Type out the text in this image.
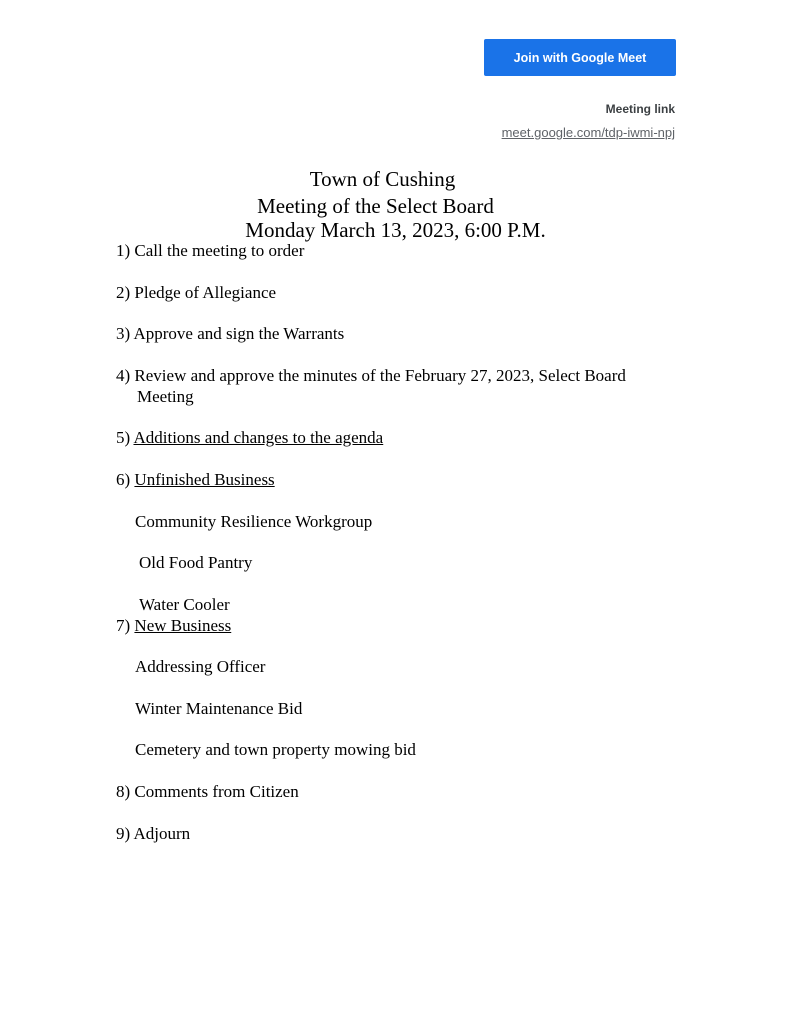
Join with Google Meet
Meeting link
meet.google.com/tdp-iwmi-npj
Town of Cushing
Meeting of the Select Board
Monday March 13, 2023, 6:00 P.M.
1) Call the meeting to order
2) Pledge of Allegiance
3) Approve and sign the Warrants
4) Review and approve the minutes of the February 27, 2023, Select Board
Meeting
5) Additions and changes to the agenda
6) Unfinished Business
Community Resilience Workgroup
Old Food Pantry
Water Cooler
7) New Business
Addressing Officer
Winter Maintenance Bid
Cemetery and town property mowing bid
8) Comments from Citizen
9) Adjourn
